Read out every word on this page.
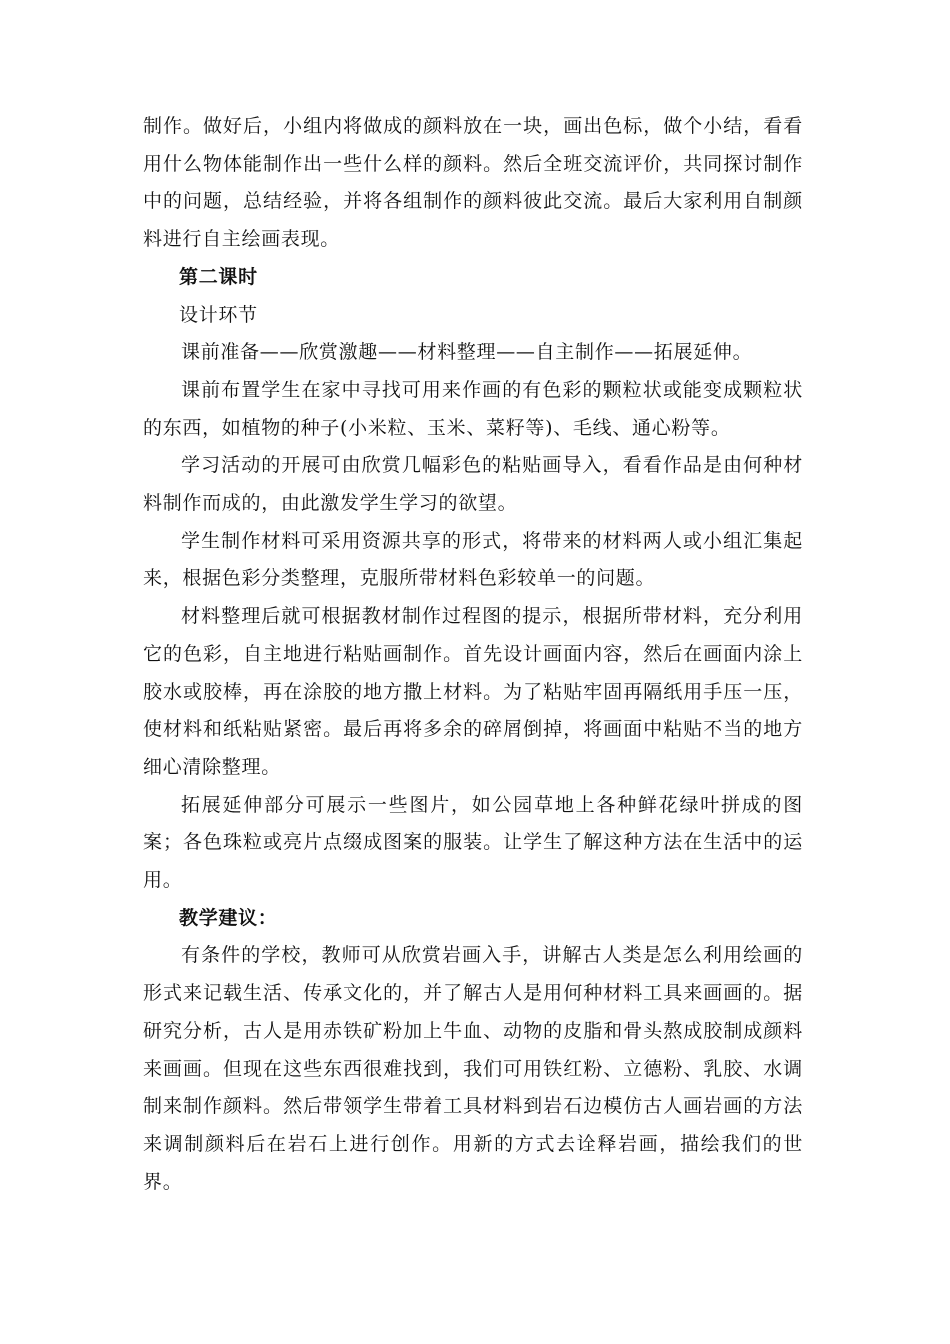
制作。做好后，小组内将做成的颜料放在一块，画出色标，做个小结，看看用什么物体能制作出一些什么样的颜料。然后全班交流评价，共同探讨制作中的问题，总结经验，并将各组制作的颜料彼此交流。最后大家利用自制颜料进行自主绘画表现。

第二课时

设计环节

课前准备——欣赏激趣——材料整理——自主制作——拓展延伸。

课前布置学生在家中寻找可用来作画的有色彩的颗粒状或能变成颗粒状的东西，如植物的种子(小米粒、玉米、菜籽等)、毛线、通心粉等。

学习活动的开展可由欣赏几幅彩色的粘贴画导入，看看作品是由何种材料制作而成的，由此激发学生学习的欲望。

学生制作材料可采用资源共享的形式，将带来的材料两人或小组汇集起来，根据色彩分类整理，克服所带材料色彩较单一的问题。

材料整理后就可根据教材制作过程图的提示，根据所带材料，充分利用它的色彩，自主地进行粘贴画制作。首先设计画面内容，然后在画面内涂上胶水或胶棒，再在涂胶的地方撒上材料。为了粘贴牢固再隔纸用手压一压，使材料和纸粘贴紧密。最后再将多余的碎屑倒掉，将画面中粘贴不当的地方细心清除整理。

拓展延伸部分可展示一些图片，如公园草地上各种鲜花绿叶拼成的图案；各色珠粒或亮片点缀成图案的服装。让学生了解这种方法在生活中的运用。

教学建议：

有条件的学校，教师可从欣赏岩画入手，讲解古人类是怎么利用绘画的形式来记载生活、传承文化的，并了解古人是用何种材料工具来画画的。据研究分析，古人是用赤铁矿粉加上牛血、动物的皮脂和骨头熬成胶制成颜料来画画。但现在这些东西很难找到，我们可用铁红粉、立德粉、乳胶、水调制来制作颜料。然后带领学生带着工具材料到岩石边模仿古人画岩画的方法来调制颜料后在岩石上进行创作。用新的方式去诠释岩画，描绘我们的世界。
